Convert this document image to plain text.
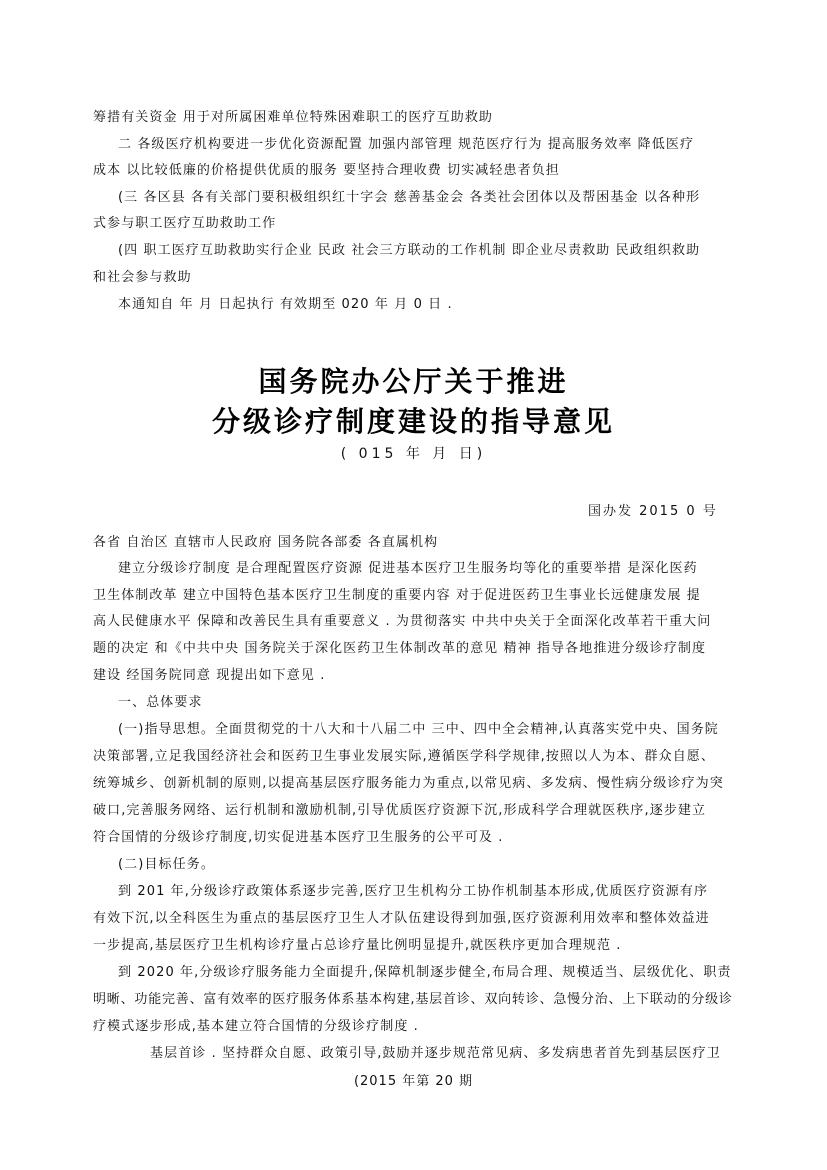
筹措有关资金 用于对所属困难单位特殊困难职工的医疗互助救助
二 各级医疗机构要进一步优化资源配置 加强内部管理 规范医疗行为 提高服务效率 降低医疗
成本 以比较低廉的价格提供优质的服务 要坚持合理收费 切实减轻患者负担
(三 各区县 各有关部门要积极组织红十字会 慈善基金会 各类社会团体以及帮困基金 以各种形
式参与职工医疗互助救助工作
(四 职工医疗互助救助实行企业 民政 社会三方联动的工作机制 即企业尽责救助 民政组织救助
和社会参与救助
本通知自 年 月 日起执行 有效期至 020 年 月 0 日 .
国务院办公厅关于推进
分级诊疗制度建设的指导意见
( 015 年 月 日)
国办发 2015 0 号
各省 自治区 直辖市人民政府 国务院各部委 各直属机构
建立分级诊疗制度 是合理配置医疗资源 促进基本医疗卫生服务均等化的重要举措 是深化医药
卫生体制改革 建立中国特色基本医疗卫生制度的重要内容 对于促进医药卫生事业长远健康发展 提
高人民健康水平 保障和改善民生具有重要意义 . 为贯彻落实 中共中央关于全面深化改革若干重大问
题的决定 和《中共中央 国务院关于深化医药卫生体制改革的意见 精神 指导各地推进分级诊疗制度
建设 经国务院同意 现提出如下意见 .
一、总体要求
(一)指导思想。全面贯彻党的十八大和十八届二中 三中、四中全会精神,认真落实党中央、国务院
决策部署,立足我国经济社会和医药卫生事业发展实际,遵循医学科学规律,按照以人为本、群众自愿、
统筹城乡、创新机制的原则,以提高基层医疗服务能力为重点,以常见病、多发病、慢性病分级诊疗为突
破口,完善服务网络、运行机制和激励机制,引导优质医疗资源下沉,形成科学合理就医秩序,逐步建立
符合国情的分级诊疗制度,切实促进基本医疗卫生服务的公平可及 .
(二)目标任务。
到 201 年,分级诊疗政策体系逐步完善,医疗卫生机构分工协作机制基本形成,优质医疗资源有序
有效下沉,以全科医生为重点的基层医疗卫生人才队伍建设得到加强,医疗资源利用效率和整体效益进
一步提高,基层医疗卫生机构诊疗量占总诊疗量比例明显提升,就医秩序更加合理规范 .
到 2020 年,分级诊疗服务能力全面提升,保障机制逐步健全,布局合理、规模适当、层级优化、职责
明晰、功能完善、富有效率的医疗服务体系基本构建,基层首诊、双向转诊、急慢分治、上下联动的分级诊
疗模式逐步形成,基本建立符合国情的分级诊疗制度 .
基层首诊 . 坚持群众自愿、政策引导,鼓励并逐步规范常见病、多发病患者首先到基层医疗卫
(2015 年第 20 期
